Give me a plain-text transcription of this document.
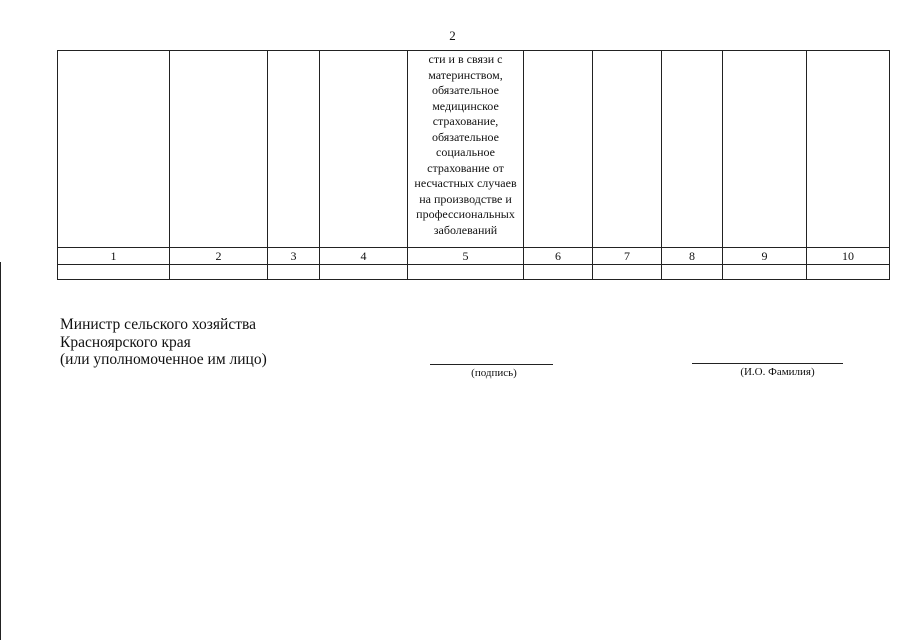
2
				сти и в связи с материнством, обязательное медицинское страхование, обязательное социальное страхование от несчастных случаев на производстве и профессиональных заболеваний					
1	2	3	4	5	6	7	8	9	10

Министр сельского хозяйства
Красноярского края
(или уполномоченное им лицо)
(подпись)	(И.О. Фамилия)
